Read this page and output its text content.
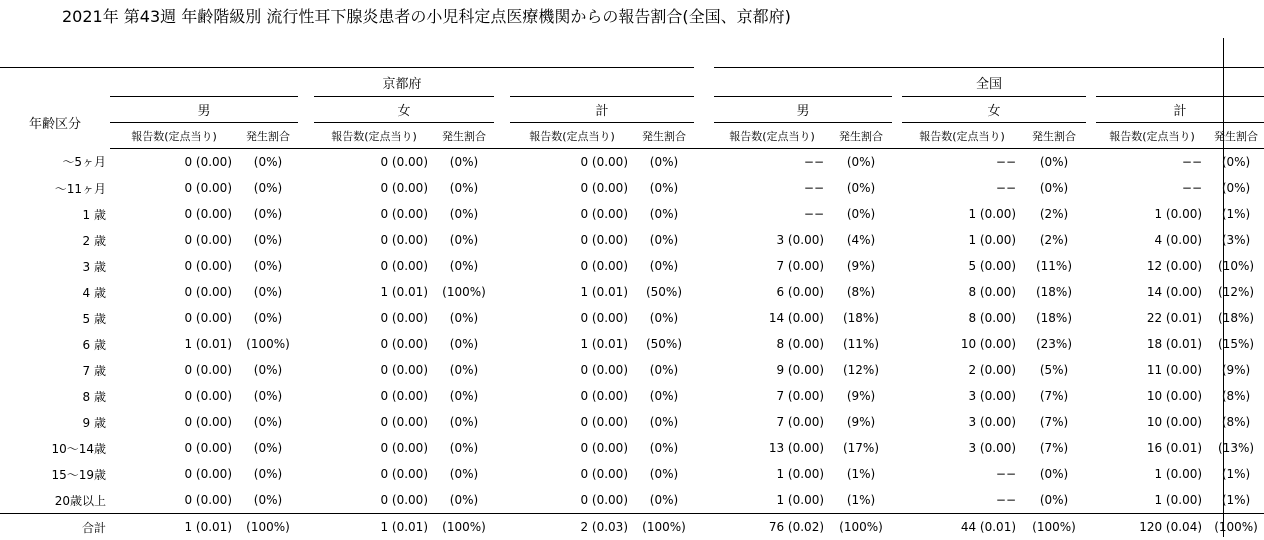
2021年 第43週 年齢階級別 流行性耳下腺炎患者の小児科定点医療機関からの報告割合(全国、京都府)
	京都府									全国							
年齢区分	男			女			計			男			女			計	
	報告数(定点当り)	発生割合		報告数(定点当り)	発生割合		報告数(定点当り)	発生割合		報告数(定点当り)	発生割合		報告数(定点当り)	発生割合		報告数(定点当り)	発生割合
〜5ヶ月	0 (0.00)	(0%)		0 (0.00)	(0%)		0 (0.00)	(0%)		−−	(0%)		−−	(0%)		−−	(0%)
〜11ヶ月	0 (0.00)	(0%)		0 (0.00)	(0%)		0 (0.00)	(0%)		−−	(0%)		−−	(0%)		−−	(0%)
1 歳	0 (0.00)	(0%)		0 (0.00)	(0%)		0 (0.00)	(0%)		−−	(0%)		1 (0.00)	(2%)		1 (0.00)	(1%)
2 歳	0 (0.00)	(0%)		0 (0.00)	(0%)		0 (0.00)	(0%)		3 (0.00)	(4%)		1 (0.00)	(2%)		4 (0.00)	(3%)
3 歳	0 (0.00)	(0%)		0 (0.00)	(0%)		0 (0.00)	(0%)		7 (0.00)	(9%)		5 (0.00)	(11%)		12 (0.00)	(10%)
4 歳	0 (0.00)	(0%)		1 (0.01)	(100%)		1 (0.01)	(50%)		6 (0.00)	(8%)		8 (0.00)	(18%)		14 (0.00)	(12%)
5 歳	0 (0.00)	(0%)		0 (0.00)	(0%)		0 (0.00)	(0%)		14 (0.00)	(18%)		8 (0.00)	(18%)		22 (0.01)	(18%)
6 歳	1 (0.01)	(100%)		0 (0.00)	(0%)		1 (0.01)	(50%)		8 (0.00)	(11%)		10 (0.00)	(23%)		18 (0.01)	(15%)
7 歳	0 (0.00)	(0%)		0 (0.00)	(0%)		0 (0.00)	(0%)		9 (0.00)	(12%)		2 (0.00)	(5%)		11 (0.00)	(9%)
8 歳	0 (0.00)	(0%)		0 (0.00)	(0%)		0 (0.00)	(0%)		7 (0.00)	(9%)		3 (0.00)	(7%)		10 (0.00)	(8%)
9 歳	0 (0.00)	(0%)		0 (0.00)	(0%)		0 (0.00)	(0%)		7 (0.00)	(9%)		3 (0.00)	(7%)		10 (0.00)	(8%)
10〜14歳	0 (0.00)	(0%)		0 (0.00)	(0%)		0 (0.00)	(0%)		13 (0.00)	(17%)		3 (0.00)	(7%)		16 (0.01)	(13%)
15〜19歳	0 (0.00)	(0%)		0 (0.00)	(0%)		0 (0.00)	(0%)		1 (0.00)	(1%)		−−	(0%)		1 (0.00)	(1%)
20歳以上	0 (0.00)	(0%)		0 (0.00)	(0%)		0 (0.00)	(0%)		1 (0.00)	(1%)		−−	(0%)		1 (0.00)	(1%)
合計	1 (0.01)	(100%)		1 (0.01)	(100%)		2 (0.03)	(100%)		76 (0.02)	(100%)		44 (0.01)	(100%)		120 (0.04)	(100%)
